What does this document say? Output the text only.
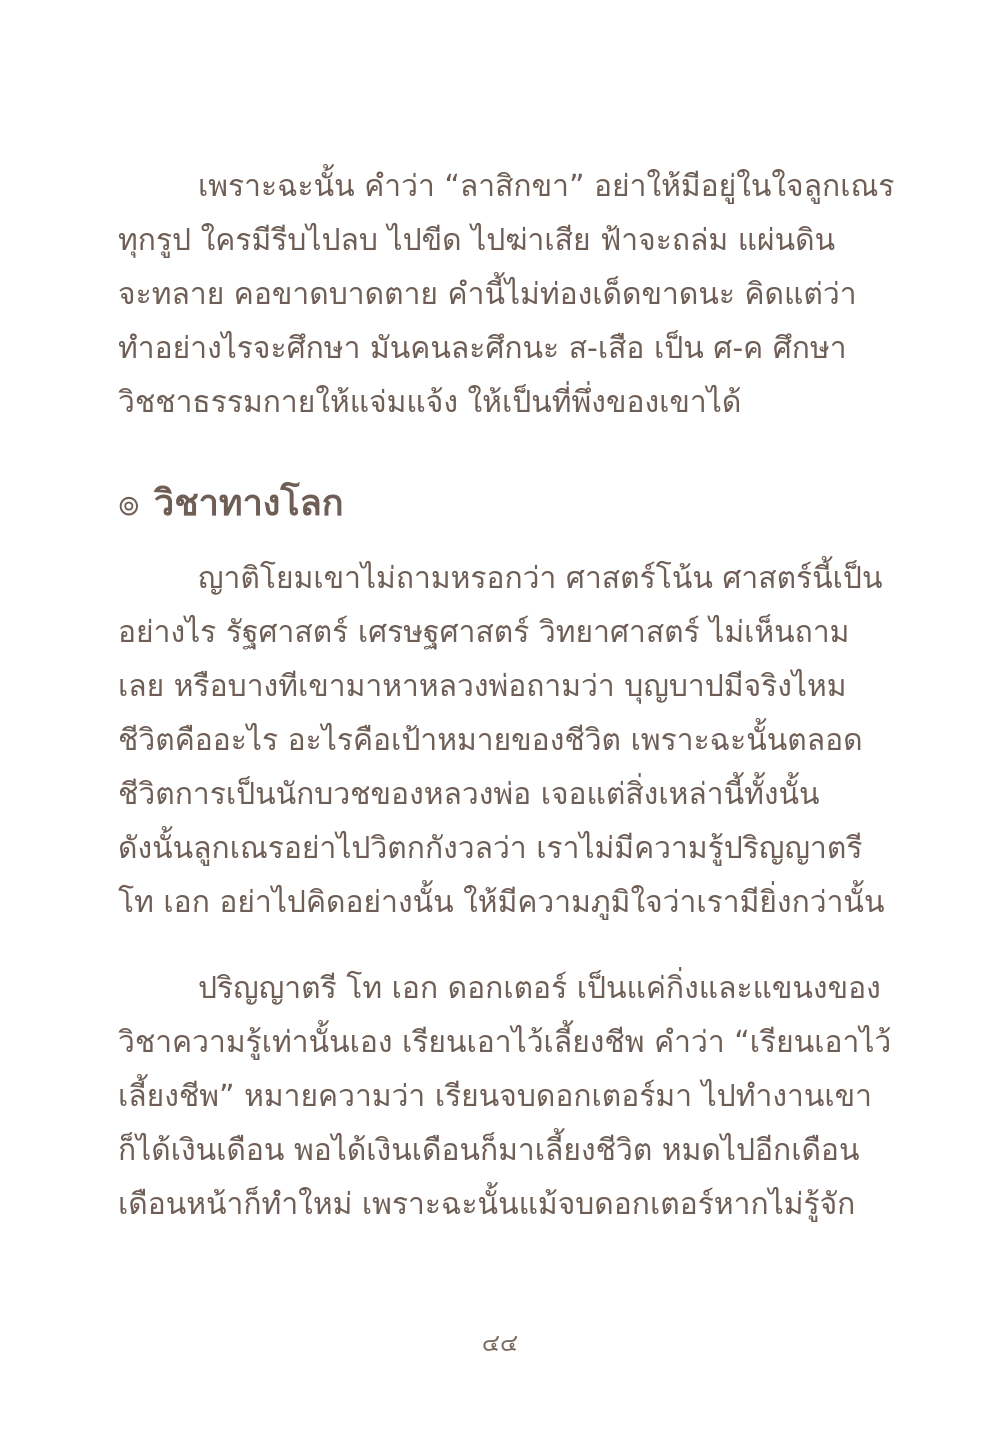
เพราะฉะนั้น คำว่า “ลาสิกขา” อย่าให้มีอยู่ในใจลูกเณร
ทุกรูป ใครมีรีบไปลบ ไปขีด ไปฆ่าเสีย ฟ้าจะถล่ม แผ่นดิน
จะทลาย คอขาดบาดตาย คำนี้ไม่ท่องเด็ดขาดนะ คิดแต่ว่า
ทำอย่างไรจะศึกษา มันคนละศึกนะ ส-เสือ เป็น ศ-ค ศึกษา
วิชชาธรรมกายให้แจ่มแจ้ง ให้เป็นที่พึ่งของเขาได้
๏ วิชาทางโลก
ญาติโยมเขาไม่ถามหรอกว่า ศาสตร์โน้น ศาสตร์นี้เป็น
อย่างไร รัฐศาสตร์ เศรษฐศาสตร์ วิทยาศาสตร์ ไม่เห็นถาม
เลย หรือบางทีเขามาหาหลวงพ่อถามว่า บุญบาปมีจริงไหม
ชีวิตคืออะไร อะไรคือเป้าหมายของชีวิต เพราะฉะนั้นตลอด
ชีวิตการเป็นนักบวชของหลวงพ่อ เจอแต่สิ่งเหล่านี้ทั้งนั้น
ดังนั้นลูกเณรอย่าไปวิตกกังวลว่า เราไม่มีความรู้ปริญญาตรี
โท เอก อย่าไปคิดอย่างนั้น ให้มีความภูมิใจว่าเรามียิ่งกว่านั้น
ปริญญาตรี โท เอก ดอกเตอร์ เป็นแค่กิ่งและแขนงของ
วิชาความรู้เท่านั้นเอง เรียนเอาไว้เลี้ยงชีพ คำว่า “เรียนเอาไว้
เลี้ยงชีพ” หมายความว่า เรียนจบดอกเตอร์มา ไปทำงานเขา
ก็ได้เงินเดือน พอได้เงินเดือนก็มาเลี้ยงชีวิต หมดไปอีกเดือน
เดือนหน้าก็ทำใหม่ เพราะฉะนั้นแม้จบดอกเตอร์หากไม่รู้จัก
๔๔
